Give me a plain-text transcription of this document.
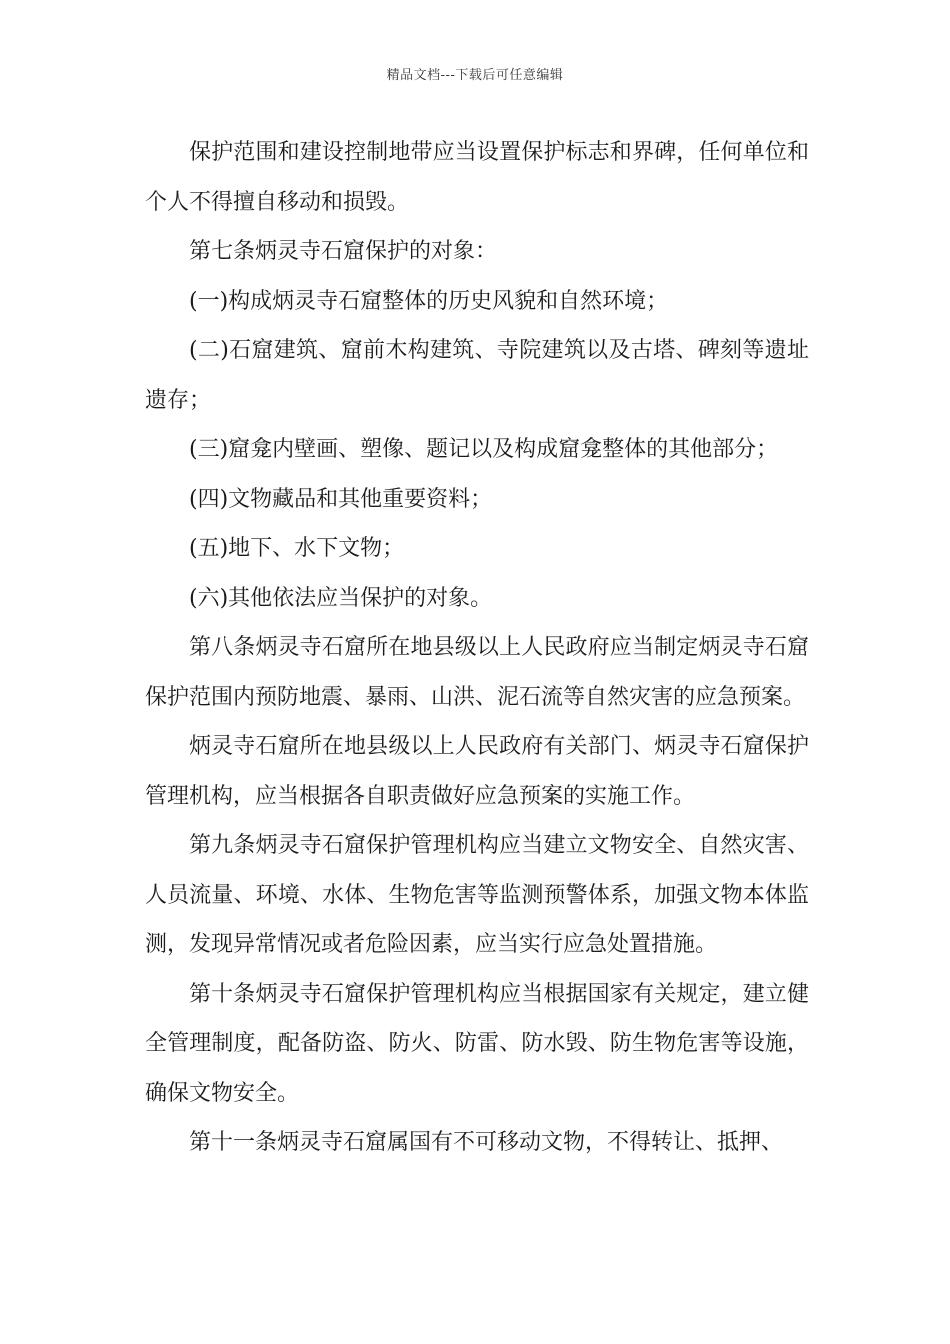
精品文档---下载后可任意编辑

保护范围和建设控制地带应当设置保护标志和界碑，任何单位和个人不得擅自移动和损毁。

第七条炳灵寺石窟保护的对象：

(一)构成炳灵寺石窟整体的历史风貌和自然环境；

(二)石窟建筑、窟前木构建筑、寺院建筑以及古塔、碑刻等遗址遗存；

(三)窟龛内壁画、塑像、题记以及构成窟龛整体的其他部分；

(四)文物藏品和其他重要资料；

(五)地下、水下文物；

(六)其他依法应当保护的对象。

第八条炳灵寺石窟所在地县级以上人民政府应当制定炳灵寺石窟保护范围内预防地震、暴雨、山洪、泥石流等自然灾害的应急预案。

炳灵寺石窟所在地县级以上人民政府有关部门、炳灵寺石窟保护管理机构，应当根据各自职责做好应急预案的实施工作。

第九条炳灵寺石窟保护管理机构应当建立文物安全、自然灾害、人员流量、环境、水体、生物危害等监测预警体系，加强文物本体监测，发现异常情况或者危险因素，应当实行应急处置措施。

第十条炳灵寺石窟保护管理机构应当根据国家有关规定，建立健全管理制度，配备防盗、防火、防雷、防水毁、防生物危害等设施，确保文物安全。

第十一条炳灵寺石窟属国有不可移动文物，不得转让、抵押、
